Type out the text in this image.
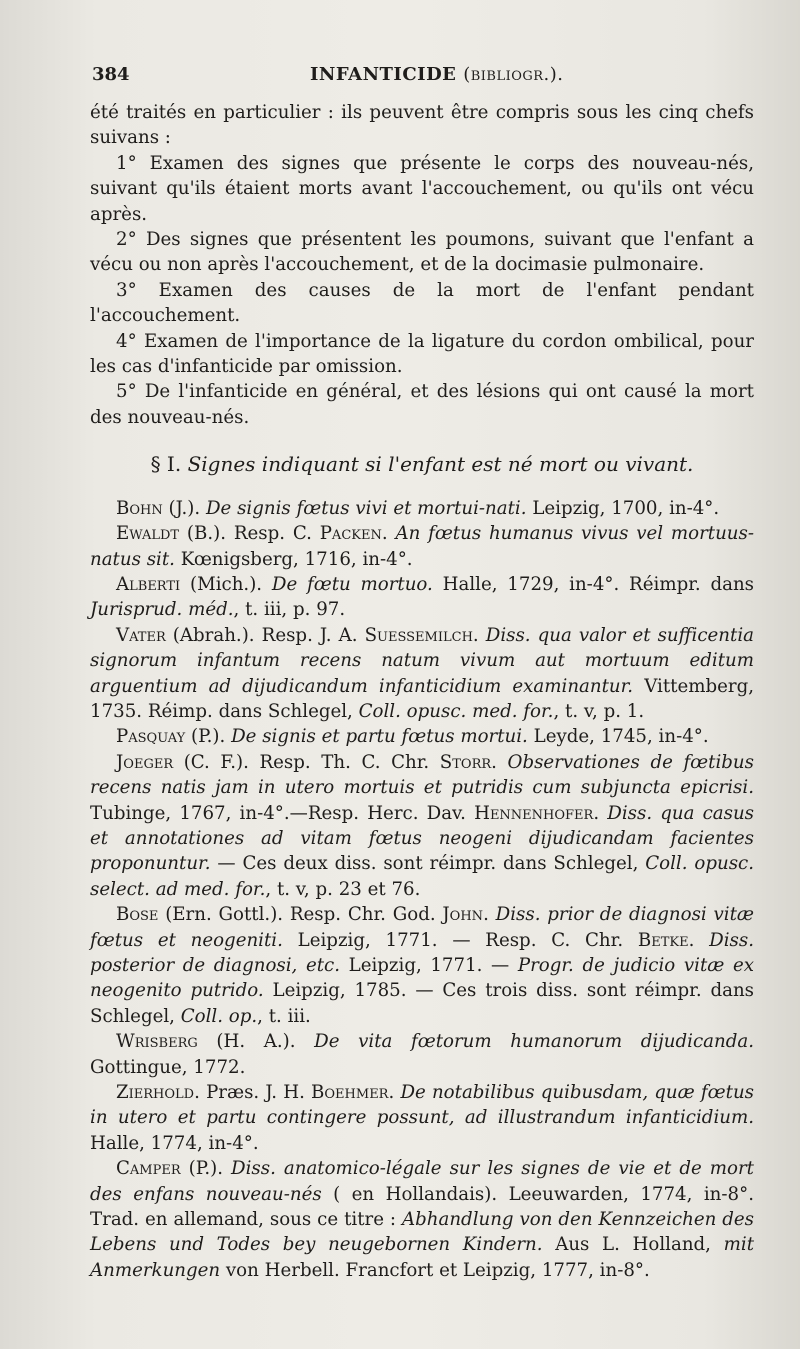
384	INFANTICIDE (bibliogr.).

été traités en particulier : ils peuvent être compris sous les cinq chefs suivans :

1° Examen des signes que présente le corps des nouveau-nés, suivant qu'ils étaient morts avant l'accouchement, ou qu'ils ont vécu après.

2° Des signes que présentent les poumons, suivant que l'enfant a vécu ou non après l'accouchement, et de la docimasie pulmonaire.

3° Examen des causes de la mort de l'enfant pendant l'accouchement.

4° Examen de l'importance de la ligature du cordon ombilical, pour les cas d'infanticide par omission.

5° De l'infanticide en général, et des lésions qui ont causé la mort des nouveau-nés.

§ I. Signes indiquant si l'enfant est né mort ou vivant.

Bohn (J.). De signis fœtus vivi et mortui-nati. Leipzig, 1700, in-4°.

Ewaldt (B.). Resp. C. Packen. An fœtus humanus vivus vel mortuus-natus sit. Kœnigsberg, 1716, in-4°.

Alberti (Mich.). De fœtu mortuo. Halle, 1729, in-4°. Réimpr. dans Jurisprud. méd., t. iii, p. 97.

Vater (Abrah.). Resp. J. A. Suessemilch. Diss. qua valor et sufficentia signorum infantum recens natum vivum aut mortuum editum arguentium ad dijudicandum infanticidium examinantur. Vittemberg, 1735. Réimp. dans Schlegel, Coll. opusc. med. for., t. v, p. 1.

Pasquay (P.). De signis et partu fœtus mortui. Leyde, 1745, in-4°.

Joeger (C. F.). Resp. Th. C. Chr. Storr. Observationes de fœtibus recens natis jam in utero mortuis et putridis cum subjuncta epicrisi. Tubinge, 1767, in-4°.—Resp. Herc. Dav. Hennenhofer. Diss. qua casus et annotationes ad vitam fœtus neogeni dijudicandam facientes proponuntur. — Ces deux diss. sont réimpr. dans Schlegel, Coll. opusc. select. ad med. for., t. v, p. 23 et 76.

Bose (Ern. Gottl.). Resp. Chr. God. John. Diss. prior de diagnosi vitæ fœtus et neogeniti. Leipzig, 1771. — Resp. C. Chr. Betke. Diss. posterior de diagnosi, etc. Leipzig, 1771. — Progr. de judicio vitæ ex neogenito putrido. Leipzig, 1785. — Ces trois diss. sont réimpr. dans Schlegel, Coll. op., t. iii.

Wrisberg (H. A.). De vita fœtorum humanorum dijudicanda. Gottingue, 1772.

Zierhold. Præs. J. H. Boehmer. De notabilibus quibusdam, quæ fœtus in utero et partu contingere possunt, ad illustrandum infanticidium. Halle, 1774, in-4°.

Camper (P.). Diss. anatomico-légale sur les signes de vie et de mort des enfans nouveau-nés ( en Hollandais). Leeuwarden, 1774, in-8°. Trad. en allemand, sous ce titre : Abhandlung von den Kennzeichen des Lebens und Todes bey neugebornen Kindern. Aus L. Holland, mit Anmerkungen von Herbell. Francfort et Leipzig, 1777, in-8°.
